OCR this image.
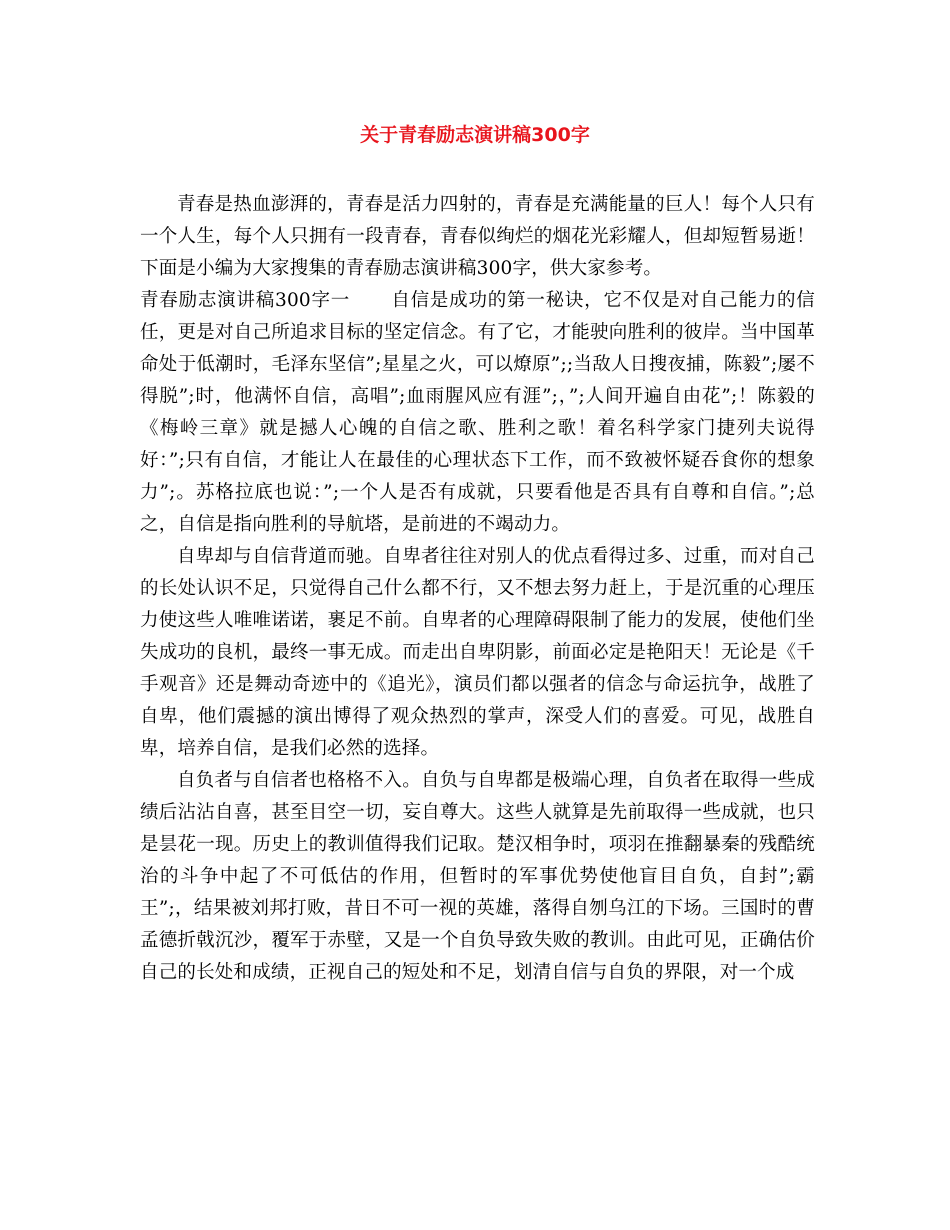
关于青春励志演讲稿300字

青春是热血澎湃的，青春是活力四射的，青春是充满能量的巨人！每个人只有一个人生，每个人只拥有一段青春，青春似绚烂的烟花光彩耀人，但却短暂易逝！下面是小编为大家搜集的青春励志演讲稿300字，供大家参考。

青春励志演讲稿300字一 自信是成功的第一秘诀，它不仅是对自己能力的信任，更是对自己所追求目标的坚定信念。有了它，才能驶向胜利的彼岸。当中国革命处于低潮时，毛泽东坚信”;星星之火，可以燎原”;;当敌人日搜夜捕，陈毅”;屡不得脱”;时，他满怀自信，高唱”;血雨腥风应有涯”;，”;人间开遍自由花”;！陈毅的《梅岭三章》就是撼人心魄的自信之歌、胜利之歌！着名科学家门捷列夫说得好：”;只有自信，才能让人在最佳的心理状态下工作，而不致被怀疑吞食你的想象力”;。苏格拉底也说：”;一个人是否有成就，只要看他是否具有自尊和自信。”;总之，自信是指向胜利的导航塔，是前进的不竭动力。

自卑却与自信背道而驰。自卑者往往对别人的优点看得过多、过重，而对自己的长处认识不足，只觉得自己什么都不行，又不想去努力赶上，于是沉重的心理压力使这些人唯唯诺诺，裹足不前。自卑者的心理障碍限制了能力的发展，使他们坐失成功的良机，最终一事无成。而走出自卑阴影，前面必定是艳阳天！无论是《千手观音》还是舞动奇迹中的《追光》，演员们都以强者的信念与命运抗争，战胜了自卑，他们震撼的演出博得了观众热烈的掌声，深受人们的喜爱。可见，战胜自卑，培养自信，是我们必然的选择。

自负者与自信者也格格不入。自负与自卑都是极端心理，自负者在取得一些成绩后沾沾自喜，甚至目空一切，妄自尊大。这些人就算是先前取得一些成就，也只是昙花一现。历史上的教训值得我们记取。楚汉相争时，项羽在推翻暴秦的残酷统治的斗争中起了不可低估的作用，但暂时的军事优势使他盲目自负，自封”;霸王”;，结果被刘邦打败，昔日不可一视的英雄，落得自刎乌江的下场。三国时的曹孟德折戟沉沙，覆军于赤壁，又是一个自负导致失败的教训。由此可见，正确估价自己的长处和成绩，正视自己的短处和不足，划清自信与自负的界限，对一个成
